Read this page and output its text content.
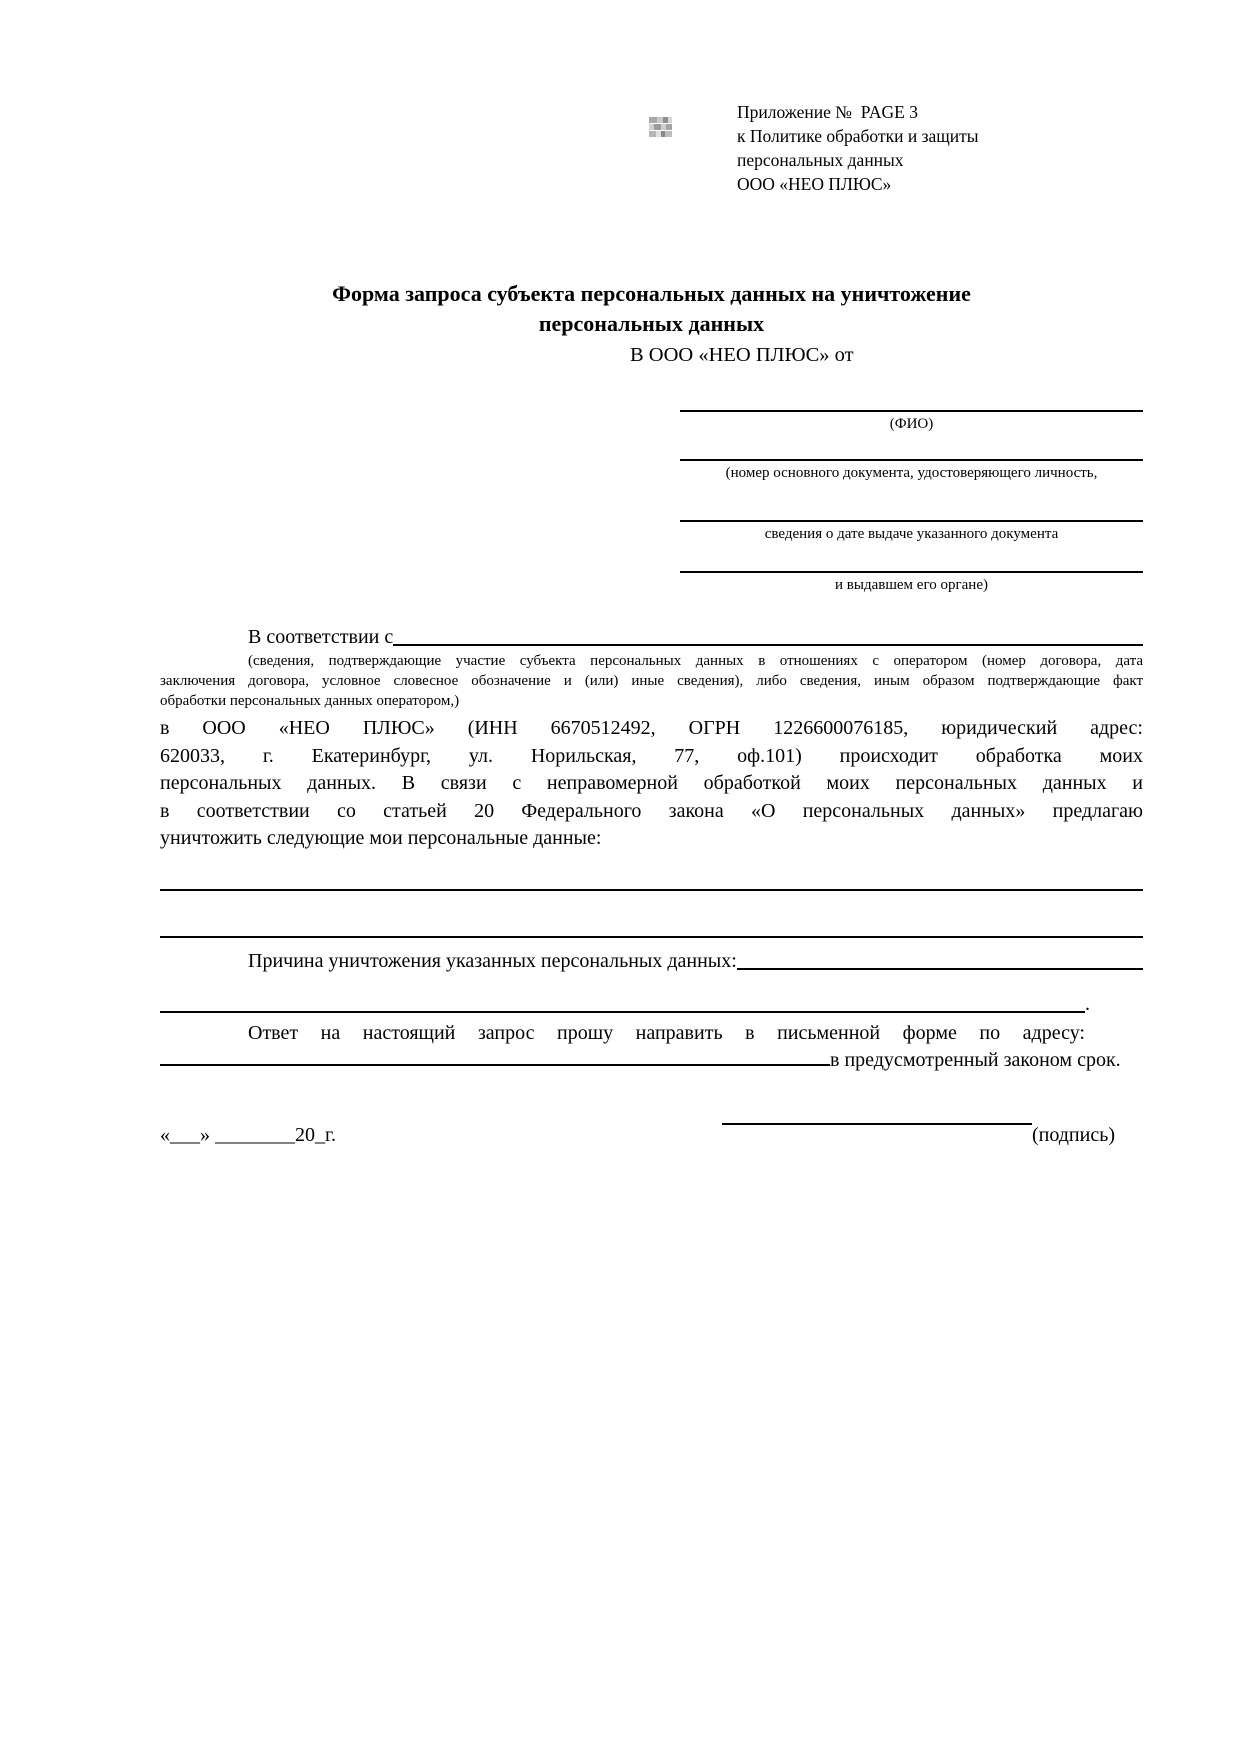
Приложение №  PAGE 3
к Политике обработки и защиты
персональных данных
ООО «НЕО ПЛЮС»
Форма запроса субъекта персональных данных на уничтожение
персональных данных
В ООО «НЕО ПЛЮС» от
(ФИО)
(номер основного документа, удостоверяющего личность,
сведения о дате выдаче указанного документа
и выдавшем его органе)
В соответствии с
(сведения, подтверждающие участие субъекта персональных данных в отношениях с оператором (номер договора, дата
заключения договора, условное словесное обозначение и (или) иные сведения), либо сведения, иным образом подтверждающие факт
обработки персональных данных оператором,)
в ООО «НЕО ПЛЮС» (ИНН 6670512492, ОГРН 1226600076185, юридический адрес:
620033, г. Екатеринбург, ул. Норильская, 77, оф.101) происходит обработка моих
персональных данных. В связи с неправомерной обработкой моих персональных данных и
в соответствии со статьей 20 Федерального закона «О персональных данных» предлагаю
уничтожить следующие мои персональные данные:
Причина уничтожения указанных персональных данных:
.
Ответ на настоящий запрос прошу направить в письменной форме по адресу:
в предусмотренный законом срок.
«___» ________20_г.	(подпись)
